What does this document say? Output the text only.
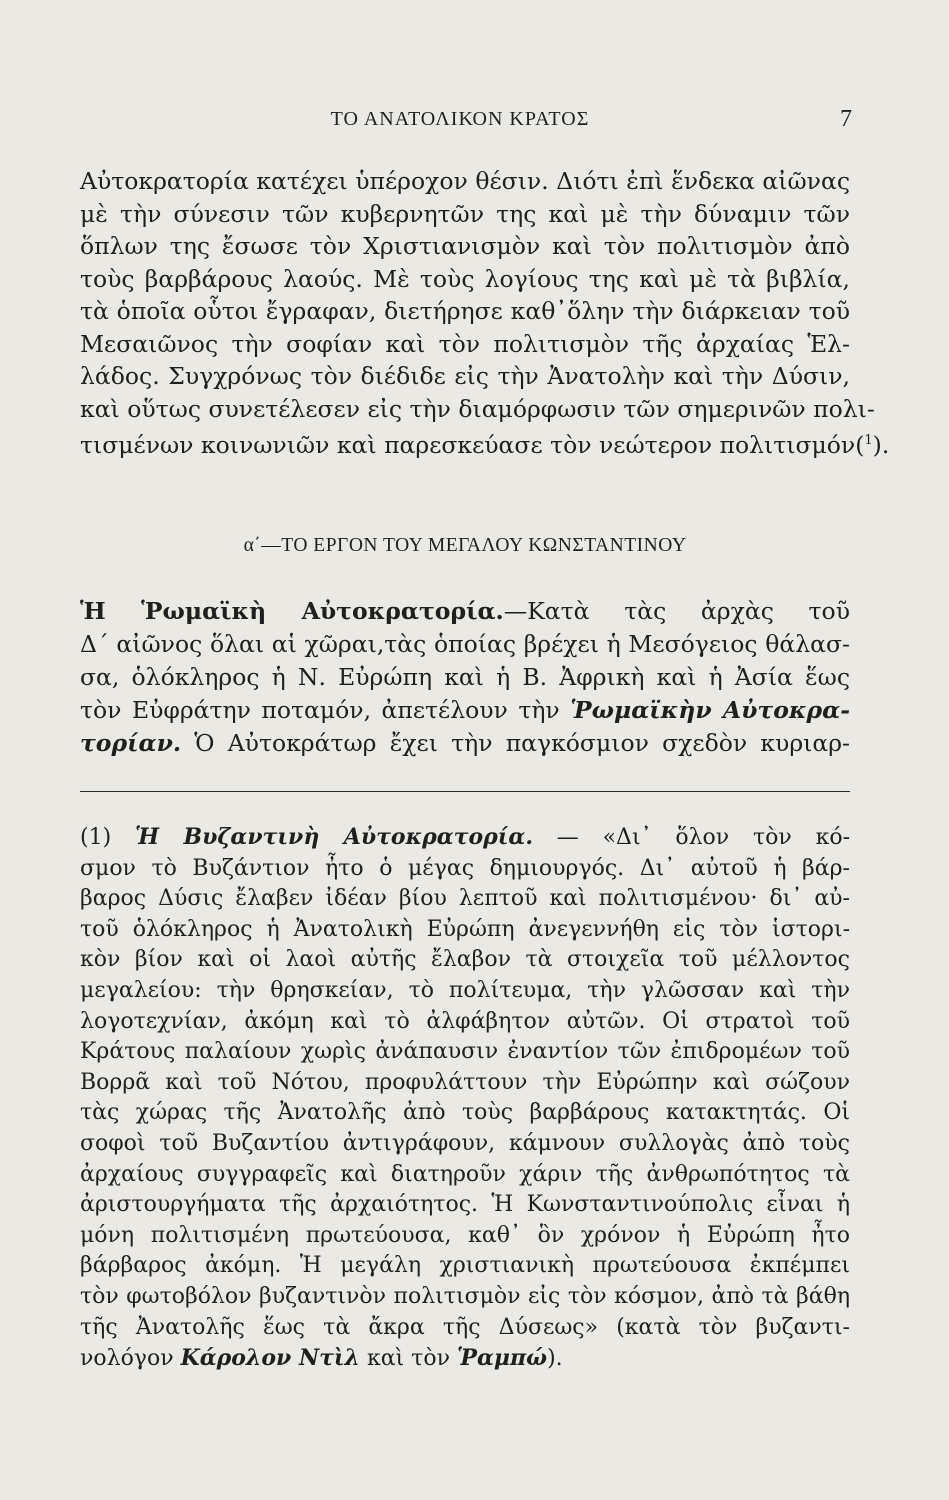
ΤΟ ΑΝΑΤΟΛΙΚΟΝ ΚΡΑΤΟΣ	7
Αὐτοκρατορία κατέχει ὑπέροχον θέσιν. Διότι ἐπὶ ἕνδεκα αἰῶνας
μὲ τὴν σύνεσιν τῶν κυβερνητῶν της καὶ μὲ τὴν δύναμιν τῶν
ὅπλων της ἔσωσε τὸν Χριστιανισμὸν καὶ τὸν πολιτισμὸν ἀπὸ
τοὺς βαρβάρους λαούς. Μὲ τοὺς λογίους της καὶ μὲ τὰ βιβλία,
τὰ ὁποῖα οὗτοι ἔγραφαν, διετήρησε καθ᾽ὅλην τὴν διάρκειαν τοῦ
Μεσαιῶνος τὴν σοφίαν καὶ τὸν πολιτισμὸν τῆς ἀρχαίας Ἑλ-
λάδος. Συγχρόνως τὸν διέδιδε εἰς τὴν Ἀνατολὴν καὶ τὴν Δύσιν,
καὶ οὕτως συνετέλεσεν εἰς τὴν διαμόρφωσιν τῶν σημερινῶν πολι-
τισμένων κοινωνιῶν καὶ παρεσκεύασε τὸν νεώτερον πολιτισμόν($^1$).
α΄—ΤΟ ΕΡΓΟΝ ΤΟΥ ΜΕΓΑΛΟΥ ΚΩΝΣΤΑΝΤΙΝΟΥ
Ἡ Ῥωμαϊκὴ Αὐτοκρατορία.—Κατὰ τὰς ἀρχὰς τοῦ
Δ΄ αἰῶνος ὅλαι αἱ χῶραι,τὰς ὁποίας βρέχει ἡ Μεσόγειος θάλασ-
σα, ὁλόκληρος ἡ Ν. Εὐρώπη καὶ ἡ Β. Ἀφρικὴ καὶ ἡ Ἀσία ἕως
τὸν Εὐφράτην ποταμόν, ἀπετέλουν τὴν Ῥωμαϊκὴν Αὐτοκρα-
τορίαν. Ὁ Αὐτοκράτωρ ἔχει τὴν παγκόσμιον σχεδὸν κυριαρ-
(1) Ἡ Βυζαντινὴ Αὐτοκρατορία. — «Δι᾽ ὅλον τὸν κό-
σμον τὸ Βυζάντιον ἦτο ὁ μέγας δημιουργός. Δι᾽ αὐτοῦ ἡ βάρ-
βαρος Δύσις ἔλαβεν ἰδέαν βίου λεπτοῦ καὶ πολιτισμένου· δι᾽ αὐ-
τοῦ ὁλόκληρος ἡ Ἀνατολικὴ Εὐρώπη ἀνεγεννήθη εἰς τὸν ἱστορι-
κὸν βίον καὶ οἱ λαοὶ αὐτῆς ἔλαβον τὰ στοιχεῖα τοῦ μέλλοντος
μεγαλείου: τὴν θρησκείαν, τὸ πολίτευμα, τὴν γλῶσσαν καὶ τὴν
λογοτεχνίαν, ἀκόμη καὶ τὸ ἀλφάβητον αὐτῶν. Οἱ στρατοὶ τοῦ
Κράτους παλαίουν χωρὶς ἀνάπαυσιν ἐναντίον τῶν ἐπιδρομέων τοῦ
Βορρᾶ καὶ τοῦ Νότου, προφυλάττουν τὴν Εὐρώπην καὶ σώζουν
τὰς χώρας τῆς Ἀνατολῆς ἀπὸ τοὺς βαρβάρους κατακτητάς. Οἱ
σοφοὶ τοῦ Βυζαντίου ἀντιγράφουν, κάμνουν συλλογὰς ἀπὸ τοὺς
ἀρχαίους συγγραφεῖς καὶ διατηροῦν χάριν τῆς ἀνθρωπότητος τὰ
ἀριστουργήματα τῆς ἀρχαιότητος. Ἡ Κωνσταντινούπολις εἶναι ἡ
μόνη πολιτισμένη πρωτεύουσα, καθ᾽ ὃν χρόνον ἡ Εὐρώπη ἦτο
βάρβαρος ἀκόμη. Ἡ μεγάλη χριστιανικὴ πρωτεύουσα ἐκπέμπει
τὸν φωτοβόλον βυζαντινὸν πολιτισμὸν εἰς τὸν κόσμον, ἀπὸ τὰ βάθη
τῆς Ἀνατολῆς ἕως τὰ ἄκρα τῆς Δύσεως» (κατὰ τὸν βυζαντι-
νολόγον Κάρολον Ντὶλ καὶ τὸν Ῥαμπώ).
